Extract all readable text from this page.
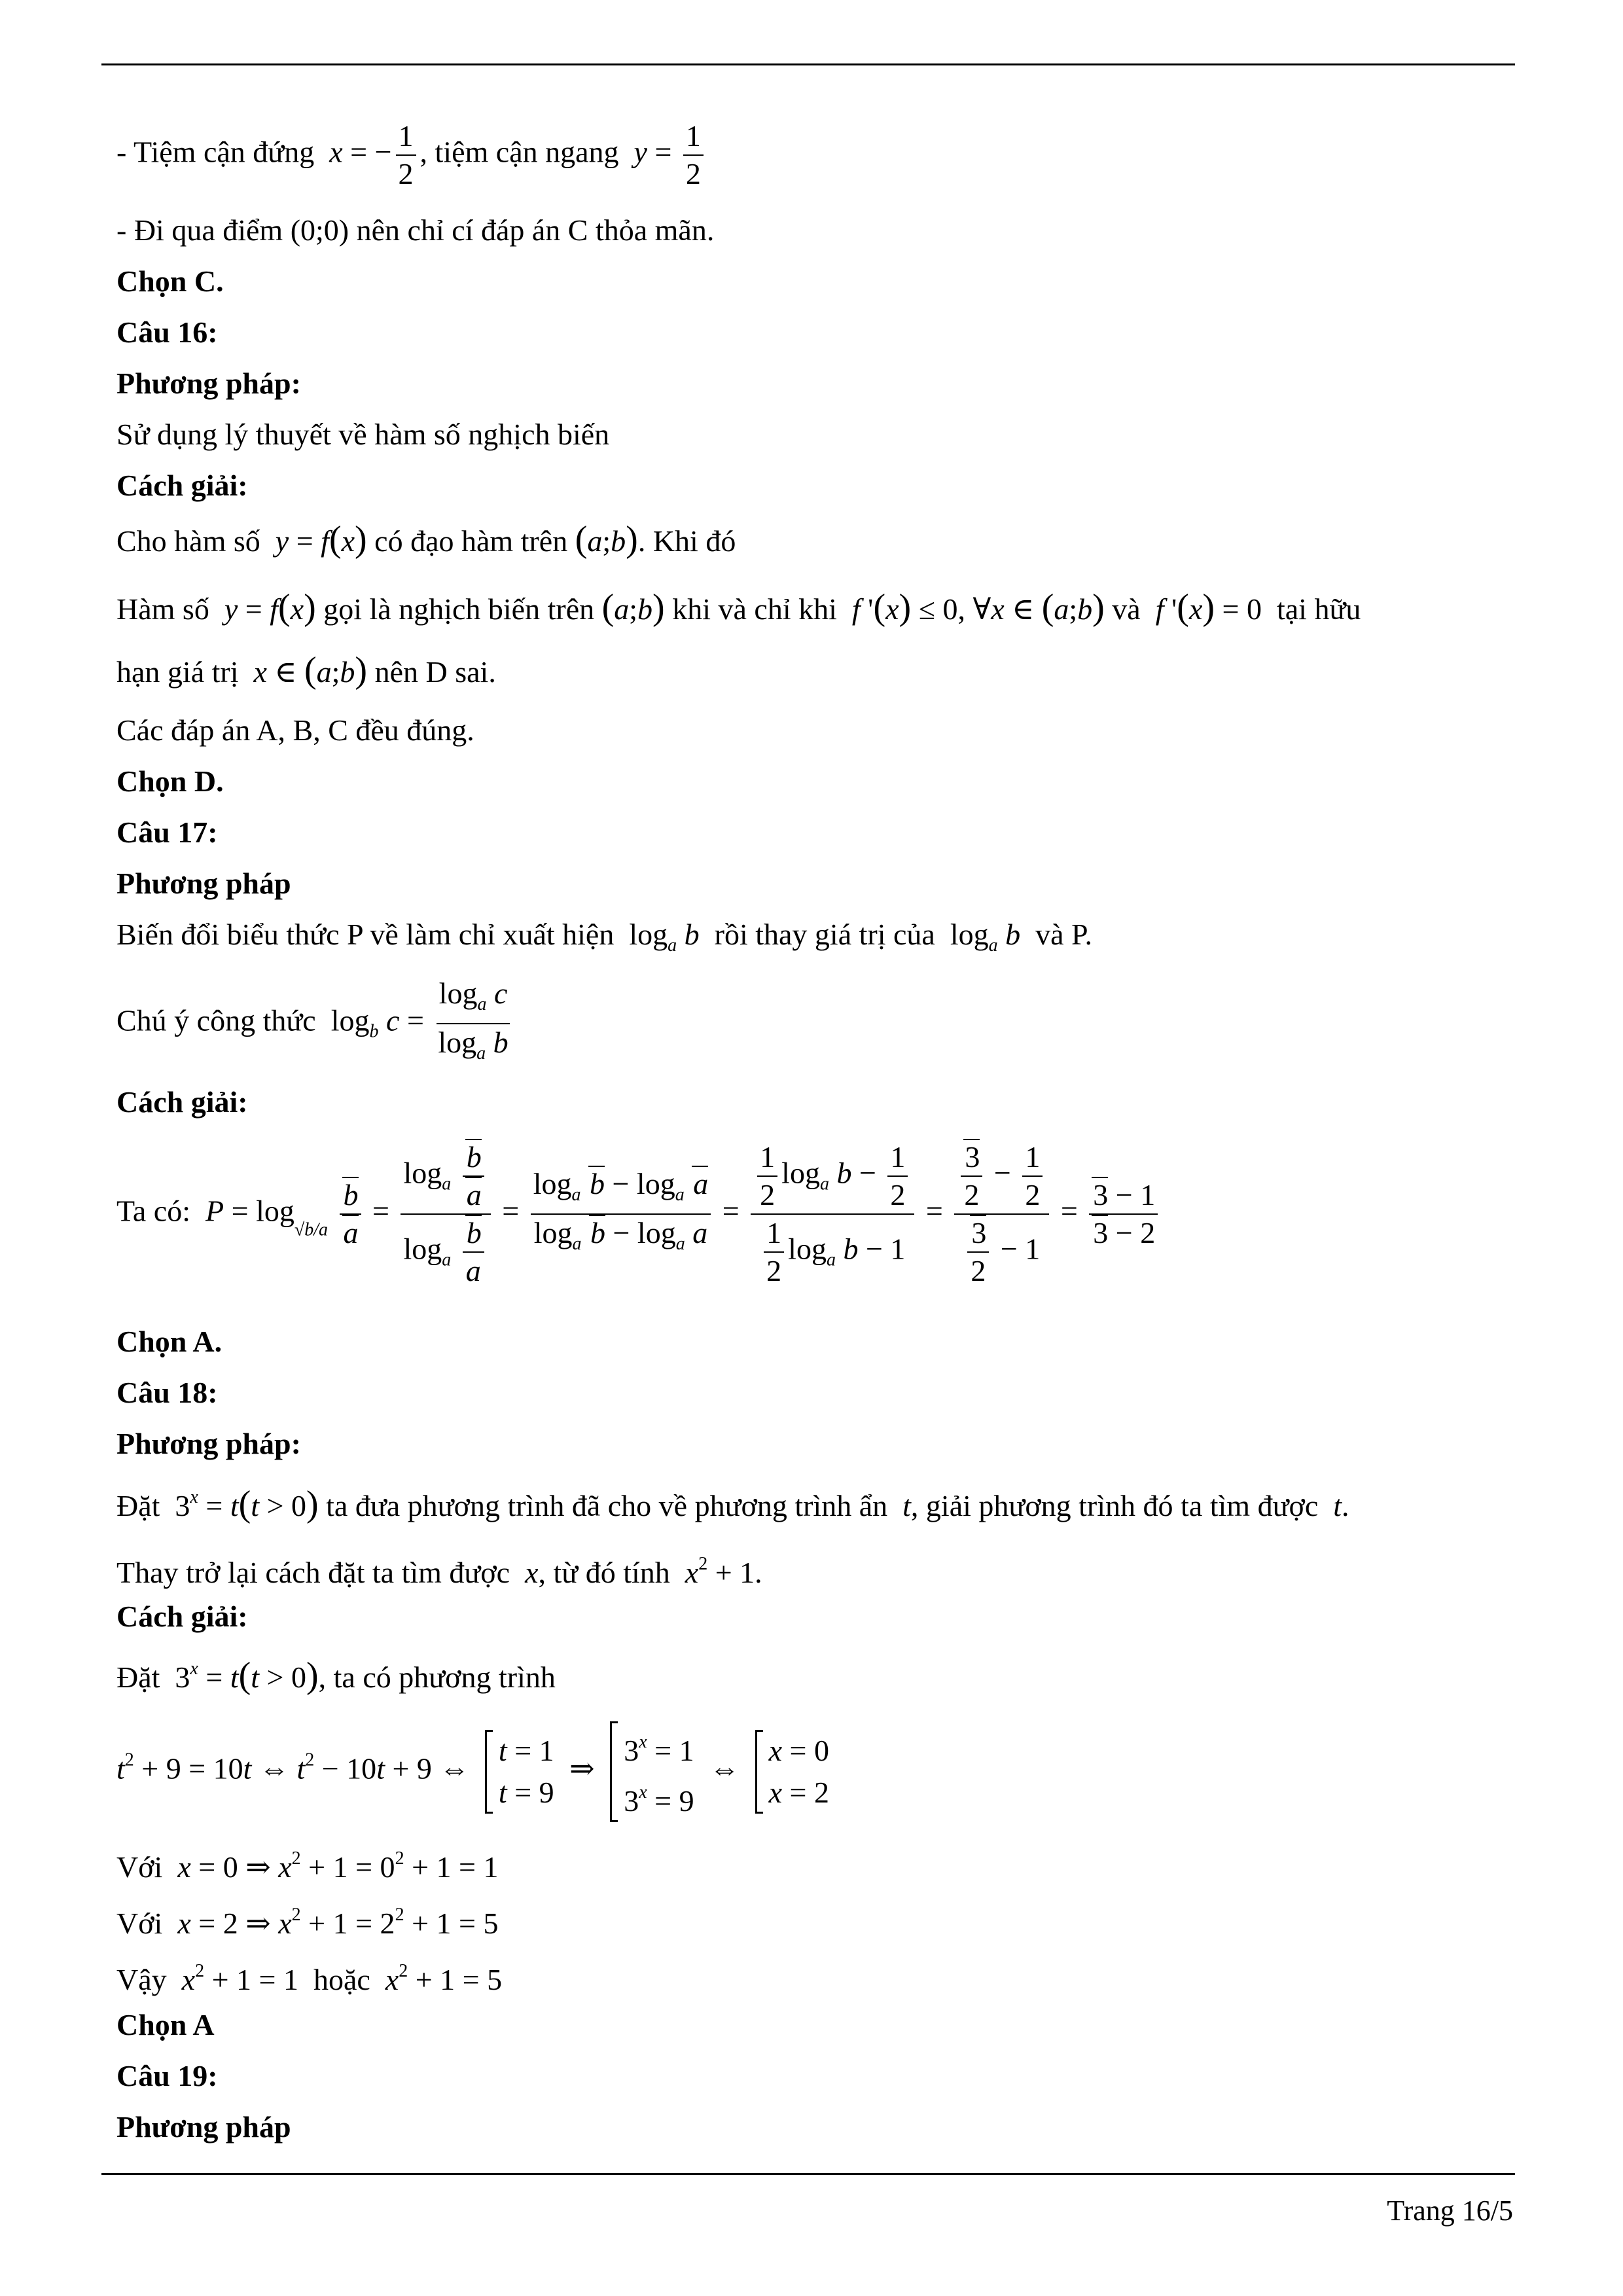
- Tiệm cận đứng  x = − $\frac{1}{2}$ , tiệm cận ngang  $y = \frac{1}{2}$
- Đi qua điểm (0;0) nên chỉ cí đáp án C thỏa mãn.
Chọn C.
Câu 16:
Phương pháp:
Sử dụng lý thuyết về hàm số nghịch biến
Cách giải:
Cho hàm số  y = f(x) có đạo hàm trên (a;b). Khi đó
Hàm số  y = f(x) gọi là nghịch biến trên (a;b) khi và chỉ khi f '(x) ≤ 0, ∀x ∈ (a;b) và f '(x) = 0  tại hữu
hạn giá trị  x ∈ (a;b) nên D sai.
Các đáp án A, B, C đều đúng.
Chọn D.
Câu 17:
Phương pháp
Biến đổi biểu thức P về làm chỉ xuất hiện  $\log_a b$ rồi thay giá trị của  $\log_a b$ và P.
Chú ý công thức  $\log_b c = \frac{\log_a c}{\log_a b}$
Cách giải:
Ta có:  $P = \log_{√b/a} \frac{b}{a} = \frac{\log_a \frac{b}{a}}{\log_a \frac{b}{a}} = \frac{\log_a b - \log_a a}{\log_a b - \log_a a} = \frac{\frac{1}{2} \log_a b - \frac{1}{2}}{\frac{1}{2} \log_a b - 1} = \frac{\frac{3}{2} - \frac{1}{2}}{\frac{3}{2} - 1} = \frac{3 - 1}{3 - 2}$
Chọn A.
Câu 18:
Phương pháp:
Đặt  $3^x = t(t > 0)$ ta đưa phương trình đã cho về phương trình ẩn  t, giải phương trình đó ta tìm được  t.
Thay trở lại cách đặt ta tìm được  x, từ đó tính  $x^2 + 1$.
Cách giải:
Đặt  $3^x = t(t > 0)$, ta có phương trình
$t^2 + 9 = 10t$ ⇔ $t^2 - 10t + 9$ ⇔
t = 1
t = 9
⇒
$3^x = 1$
$3^x = 9$
⇔
x = 0
x = 2
Với  x = 0 ⇒ $x^2 + 1 = 0^2 + 1 = 1$
Với  x = 2 ⇒ $x^2 + 1 = 2^2 + 1 = 5$
Vậy  $x^2 + 1 = 1$  hoặc  $x^2 + 1 = 5$
Chọn A
Câu 19:
Phương pháp
Trang 16/5
